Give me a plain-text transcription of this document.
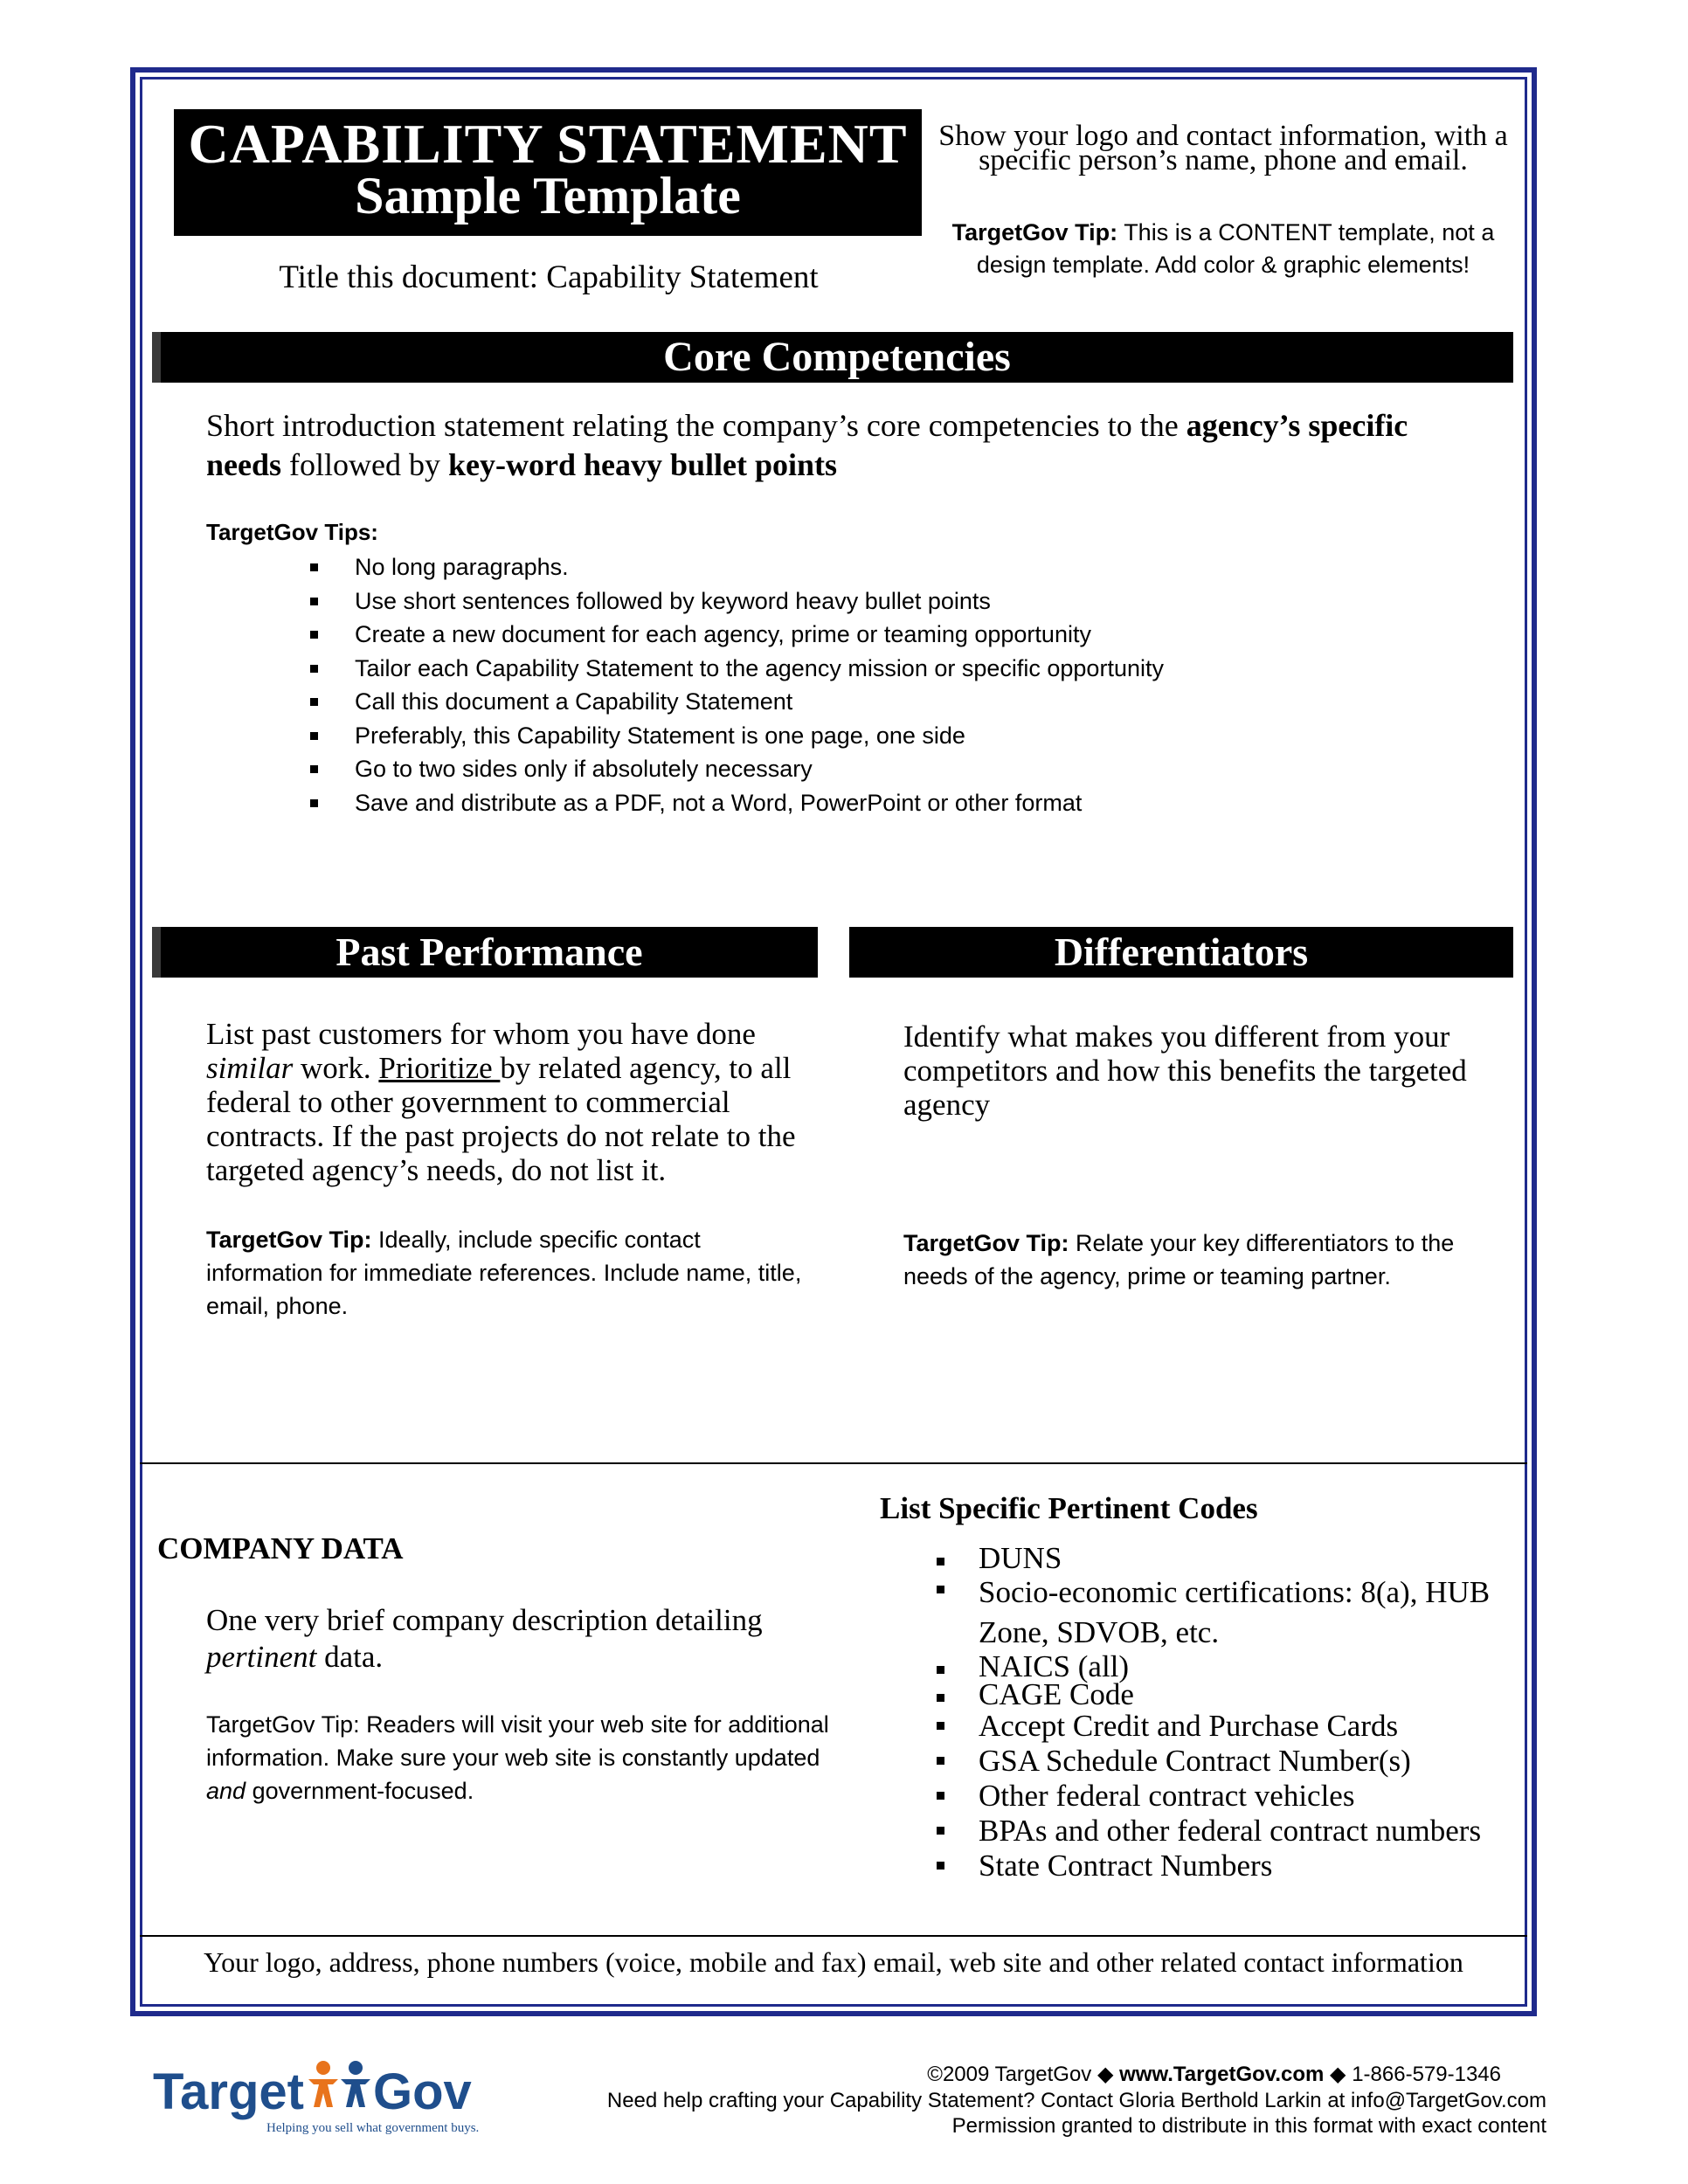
CAPABILITY STATEMENT
Sample Template
Title this document: Capability Statement
Show your logo and contact information, with a specific person’s name, phone and email.
TargetGov Tip: This is a CONTENT template, not a design template. Add color & graphic elements!
Core Competencies
Short introduction statement relating the company’s core competencies to the agency’s specific needs followed by key-word heavy bullet points
TargetGov Tips:
No long paragraphs.
Use short sentences followed by keyword heavy bullet points
Create a new document for each agency, prime or teaming opportunity
Tailor each Capability Statement to the agency mission or specific opportunity
Call this document a Capability Statement
Preferably, this Capability Statement is one page, one side
Go to two sides only if absolutely necessary
Save and distribute as a PDF, not a Word, PowerPoint or other format
Past Performance
List past customers for whom you have done similar work. Prioritize by related agency, to all federal to other government to commercial contracts. If the past projects do not relate to the targeted agency’s needs, do not list it.
TargetGov Tip: Ideally, include specific contact information for immediate references. Include name, title, email, phone.
Differentiators
Identify what makes you different from your competitors and how this benefits the targeted agency
TargetGov Tip: Relate your key differentiators to the needs of the agency, prime or teaming partner.
COMPANY DATA
One very brief company description detailing pertinent data.
TargetGov Tip: Readers will visit your web site for additional information. Make sure your web site is constantly updated and government-focused.
List Specific Pertinent Codes
DUNS
Socio-economic certifications: 8(a), HUB Zone, SDVOB, etc.
NAICS (all)
CAGE Code
Accept Credit and Purchase Cards
GSA Schedule Contract Number(s)
Other federal contract vehicles
BPAs and other federal contract numbers
State Contract Numbers
Your logo, address, phone numbers (voice, mobile and fax) email, web site and other related contact information
Target Gov
Helping you sell what government buys.
©2009 TargetGov ◆ www.TargetGov.com ◆ 1-866-579-1346
Need help crafting your Capability Statement? Contact Gloria Berthold Larkin at info@TargetGov.com
Permission granted to distribute in this format with exact content
